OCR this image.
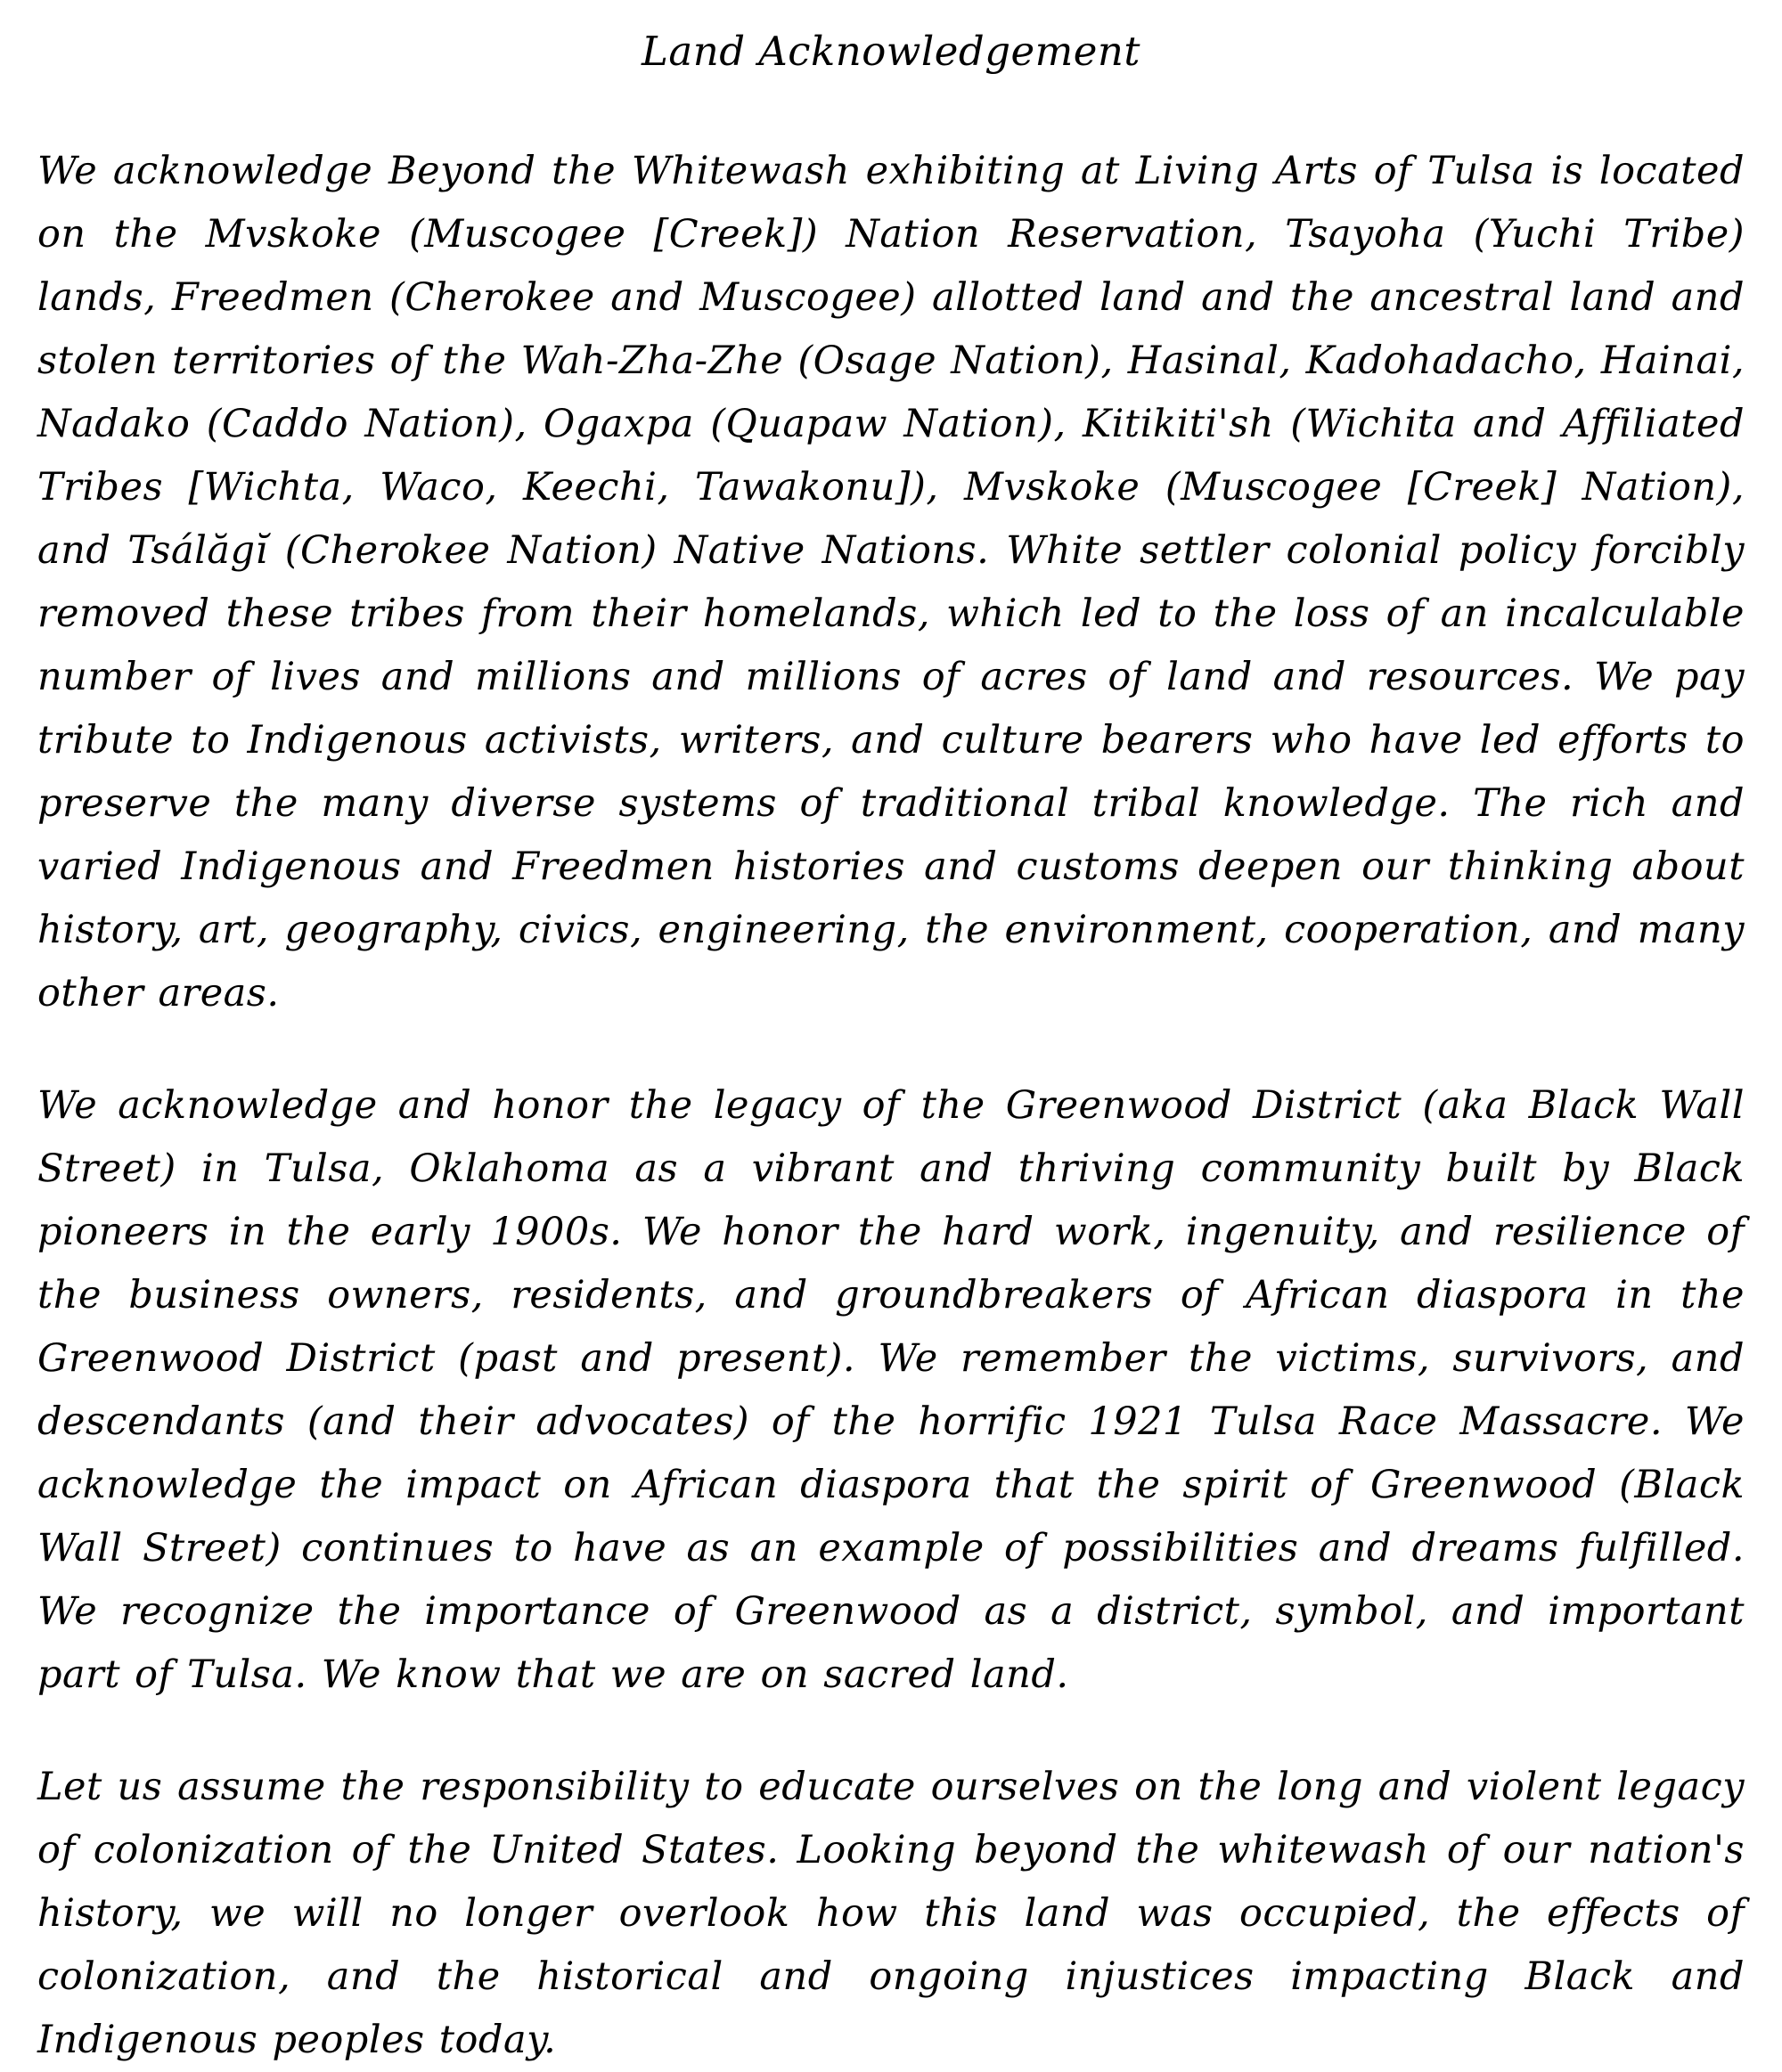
Land Acknowledgement

We acknowledge Beyond the Whitewash exhibiting at Living Arts of Tulsa is located on the Mvskoke (Muscogee [Creek]) Nation Reservation, Tsayoha (Yuchi Tribe) lands, Freedmen (Cherokee and Muscogee) allotted land and the ancestral land and stolen territories of the Wah-Zha-Zhe (Osage Nation), Hasinal, Kadohadacho, Hainai, Nadako (Caddo Nation), Ogaxpa (Quapaw Nation), Kitikiti'sh (Wichita and Affiliated Tribes [Wichta, Waco, Keechi, Tawakonu]), Mvskoke (Muscogee [Creek] Nation), and Tsálăgĭ (Cherokee Nation) Native Nations. White settler colonial policy forcibly removed these tribes from their homelands, which led to the loss of an incalculable number of lives and millions and millions of acres of land and resources. We pay tribute to Indigenous activists, writers, and culture bearers who have led efforts to preserve the many diverse systems of traditional tribal knowledge. The rich and varied Indigenous and Freedmen histories and customs deepen our thinking about history, art, geography, civics, engineering, the environment, cooperation, and many other areas.

We acknowledge and honor the legacy of the Greenwood District (aka Black Wall Street) in Tulsa, Oklahoma as a vibrant and thriving community built by Black pioneers in the early 1900s. We honor the hard work, ingenuity, and resilience of the business owners, residents, and groundbreakers of African diaspora in the Greenwood District (past and present). We remember the victims, survivors, and descendants (and their advocates) of the horrific 1921 Tulsa Race Massacre. We acknowledge the impact on African diaspora that the spirit of Greenwood (Black Wall Street) continues to have as an example of possibilities and dreams fulfilled. We recognize the importance of Greenwood as a district, symbol, and important part of Tulsa. We know that we are on sacred land.

Let us assume the responsibility to educate ourselves on the long and violent legacy of colonization of the United States. Looking beyond the whitewash of our nation's history, we will no longer overlook how this land was occupied, the effects of colonization, and the historical and ongoing injustices impacting Black and Indigenous peoples today.
